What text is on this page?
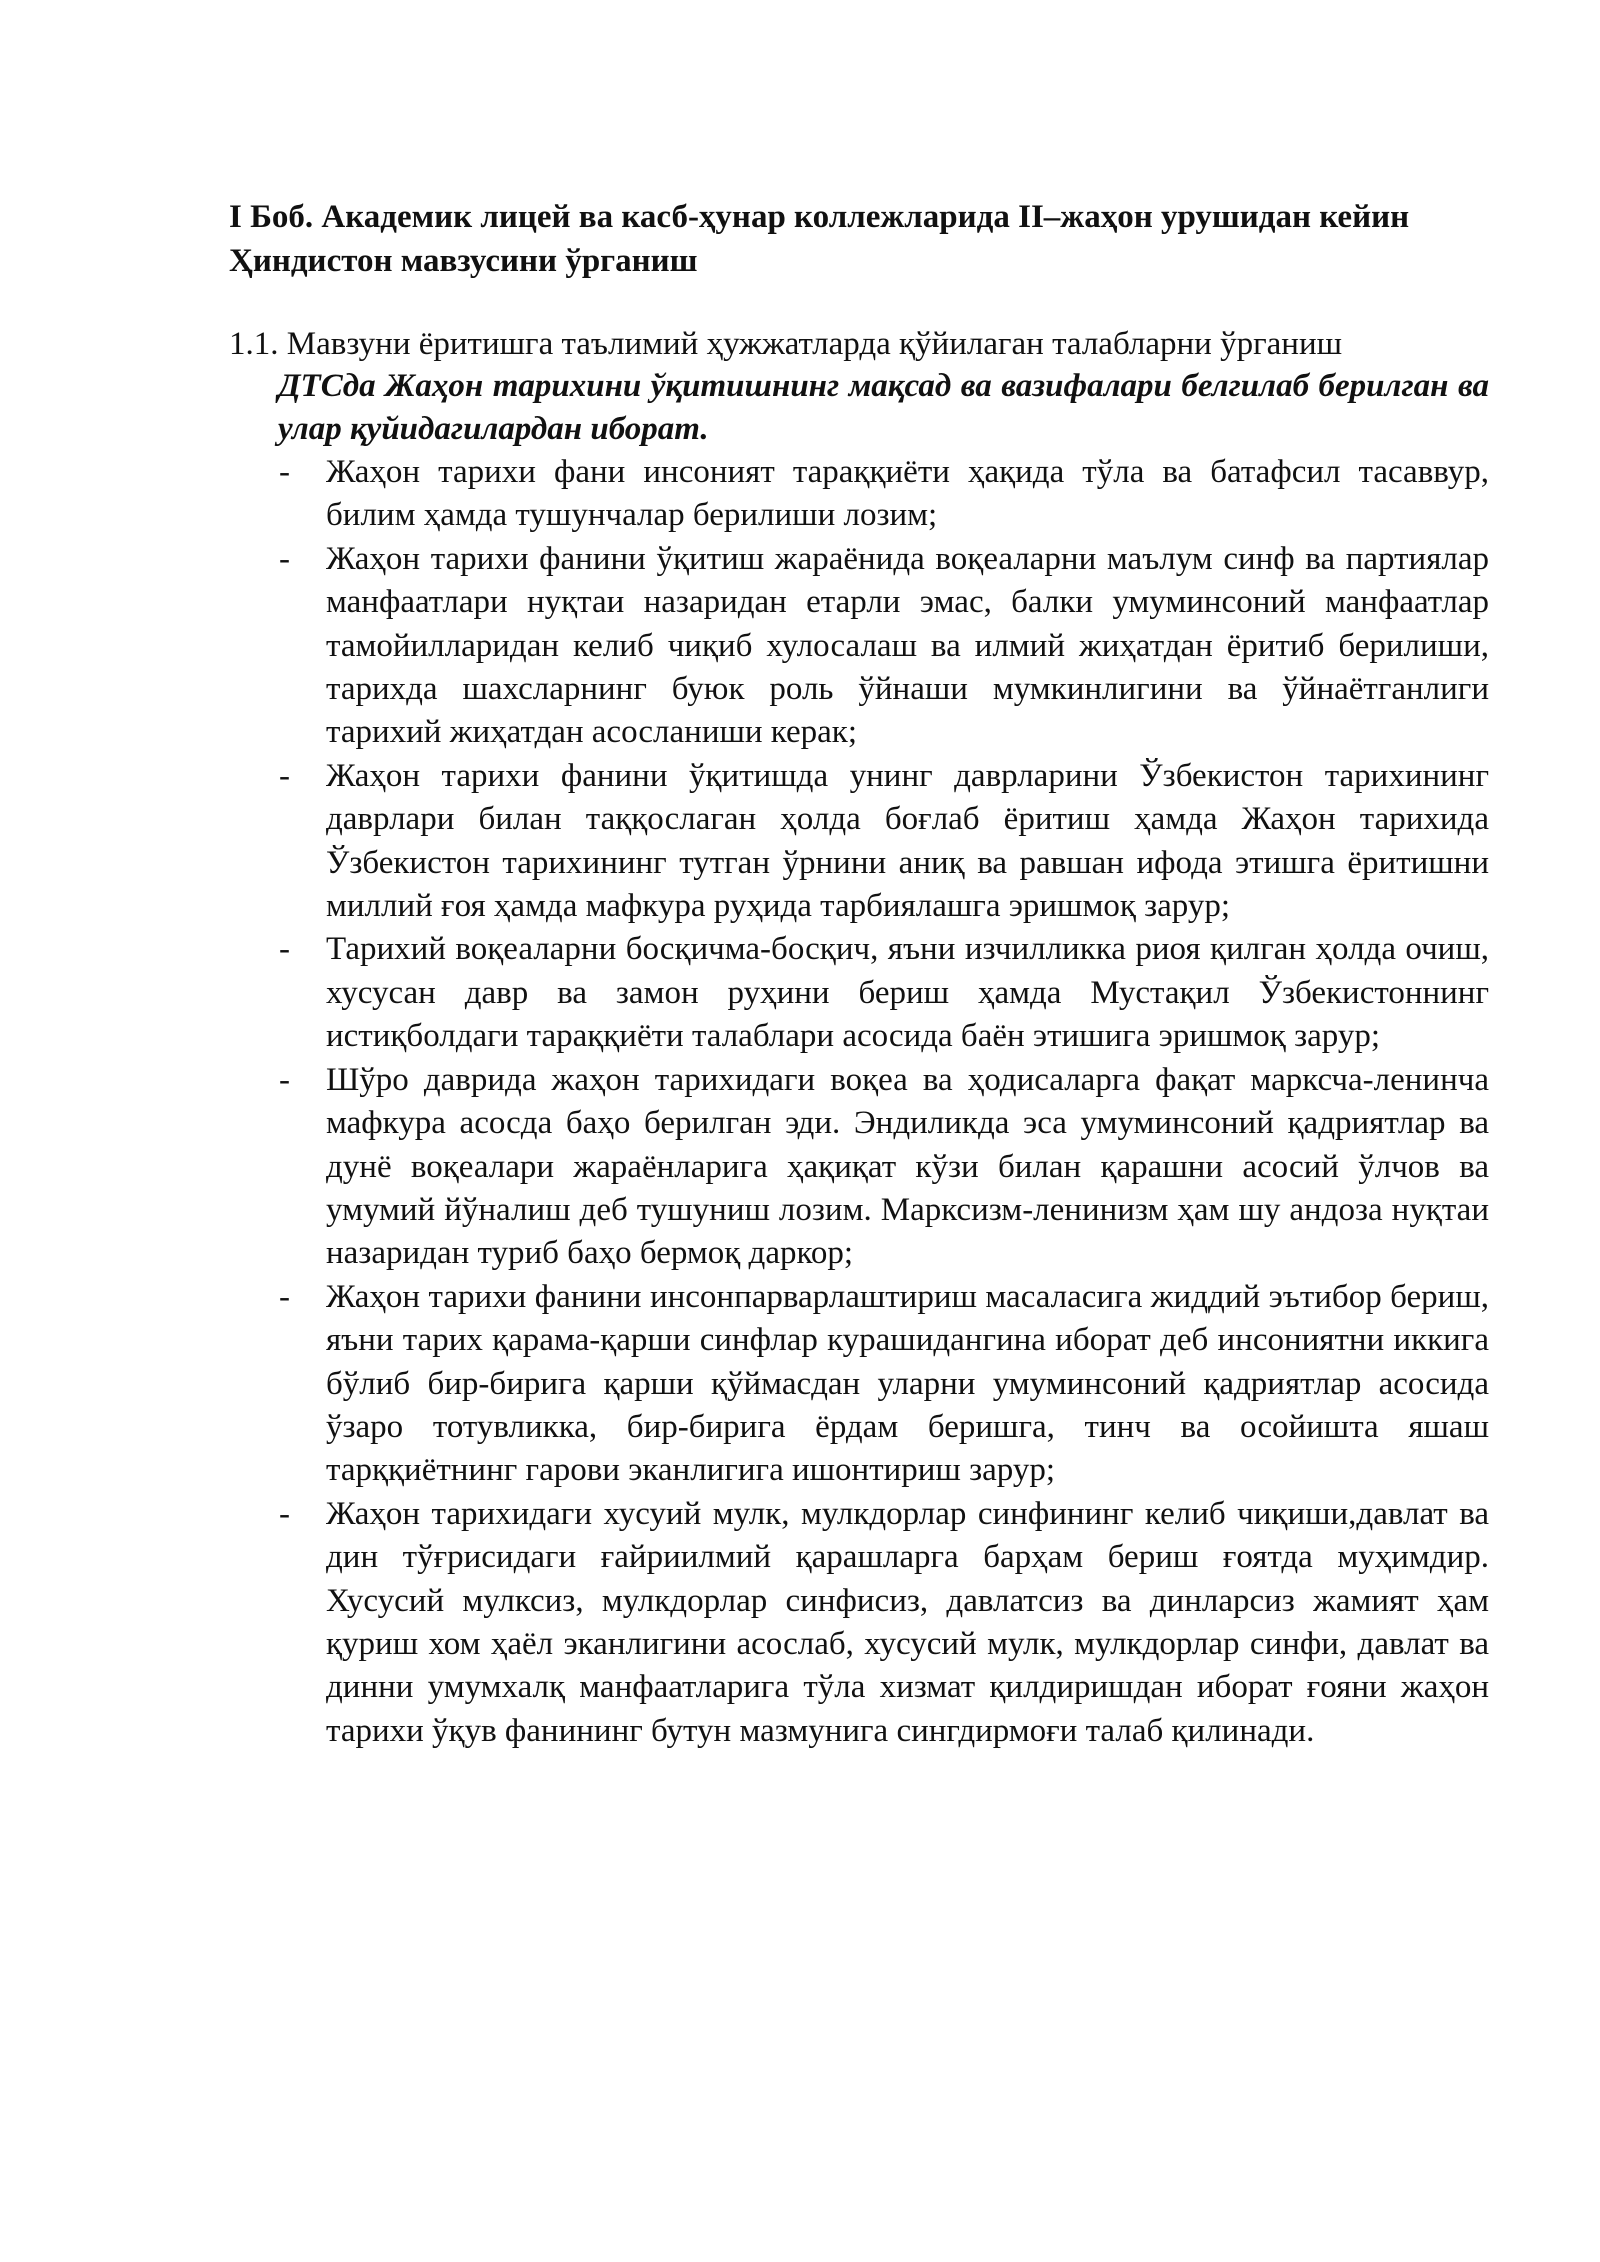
I Боб. Академик лицей ва касб-ҳунар коллежларида II–жаҳон урушидан кейин Ҳиндистон мавзусини ўрганиш

1.1. Мавзуни ёритишга таълимий ҳужжатларда қўйилаган талабларни ўрганиш

ДТСда Жаҳон тарихини ўқитишнинг мақсад ва вазифалари белгилаб берилган ва улар қуйидагилардан иборат.

- Жаҳон тарихи фани инсоният тараққиёти ҳақида тўла ва батафсил тасаввур, билим ҳамда тушунчалар берилиши лозим;
- Жаҳон тарихи фанини ўқитиш жараёнида воқеаларни маълум синф ва партиялар манфаатлари нуқтаи назаридан етарли эмас, балки умуминсоний манфаатлар тамойилларидан келиб чиқиб хулосалаш ва илмий жиҳатдан ёритиб берилиши, тарихда шахсларнинг буюк роль ўйнаши мумкинлигини ва ўйнаётганлиги тарихий жиҳатдан асосланиши керак;
- Жаҳон тарихи фанини ўқитишда унинг даврларини Ўзбекистон тарихининг даврлари билан таққослаган ҳолда боғлаб ёритиш ҳамда Жаҳон тарихида Ўзбекистон тарихининг тутган ўрнини аниқ ва равшан ифода этишга ёритишни миллий ғоя ҳамда мафкура руҳида тарбиялашга эришмоқ зарур;
- Тарихий воқеаларни босқичма-босқич, яъни изчилликка риоя қилган ҳолда очиш, хусусан давр ва замон руҳини бериш ҳамда Мустақил Ўзбекистоннинг истиқболдаги тараққиёти талаблари асосида баён этишига эришмоқ зарур;
- Шўро даврида жаҳон тарихидаги воқеа ва ҳодисаларга фақат марксча-ленинча мафкура асосда баҳо берилган эди. Эндиликда эса умуминсоний қадриятлар ва дунё воқеалари жараёнларига ҳақиқат кўзи билан қарашни асосий ўлчов ва умумий йўналиш деб тушуниш лозим. Марксизм-ленинизм ҳам шу андоза нуқтаи назаридан туриб баҳо бермоқ даркор;
- Жаҳон тарихи фанини инсонпарварлаштириш масаласига жиддий эътибор бериш, яъни тарих қарама-қарши синфлар курашидангина иборат деб инсониятни иккига бўлиб бир-бирига қарши қўймасдан уларни умуминсоний қадриятлар асосида ўзаро тотувликка, бир-бирига ёрдам беришга, тинч ва осойишта яшаш тарққиётнинг гарови эканлигига ишонтириш зарур;
- Жаҳон тарихидаги хусуий мулк, мулкдорлар синфининг келиб чиқиши,давлат ва дин тўғрисидаги ғайриилмий қарашларга барҳам бериш ғоятда муҳимдир. Хусусий мулксиз, мулкдорлар синфисиз, давлатсиз ва динларсиз жамият ҳам қуриш хом ҳаёл эканлигини асослаб, хусусий мулк, мулкдорлар синфи, давлат ва динни умумхалқ манфаатларига тўла хизмат қилдиришдан иборат ғояни жаҳон тарихи ўқув фанининг бутун мазмунига сингдирмоғи талаб қилинади.
